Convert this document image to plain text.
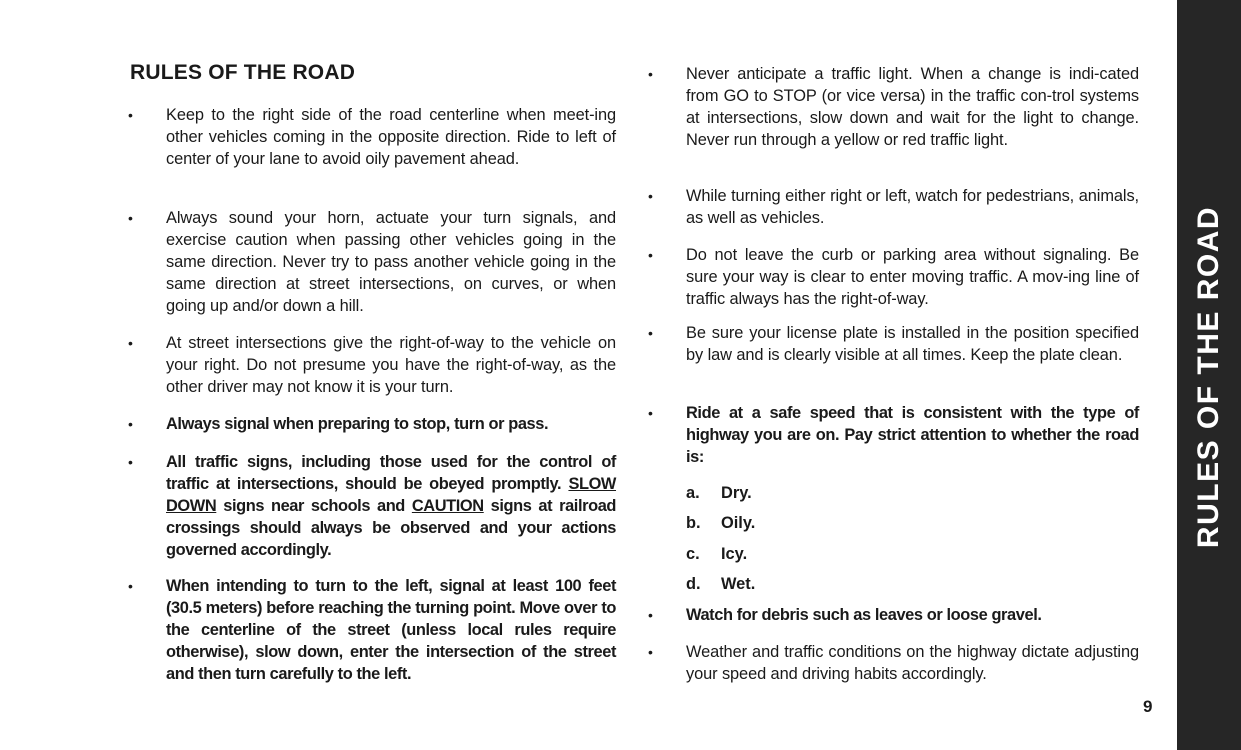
RULES OF THE ROAD
• Keep to the right side of the road centerline when meet-ing other vehicles coming in the opposite direction. Ride to left of center of your lane to avoid oily pavement ahead.
• Always sound your horn, actuate your turn signals, and exercise caution when passing other vehicles going in the same direction. Never try to pass another vehicle going in the same direction at street intersections, on curves, or when going up and/or down a hill.
• At street intersections give the right-of-way to the vehicle on your right. Do not presume you have the right-of-way, as the other driver may not know it is your turn.
• Always signal when preparing to stop, turn or pass.
• All traffic signs, including those used for the control of traffic at intersections, should be obeyed promptly. SLOW DOWN signs near schools and CAUTION signs at railroad crossings should always be observed and your actions governed accordingly.
• When intending to turn to the left, signal at least 100 feet (30.5 meters) before reaching the turning point. Move over to the centerline of the street (unless local rules require otherwise), slow down, enter the intersection of the street and then turn carefully to the left.
• Never anticipate a traffic light. When a change is indi-cated from GO to STOP (or vice versa) in the traffic con-trol systems at intersections, slow down and wait for the light to change. Never run through a yellow or red traffic light.
• While turning either right or left, watch for pedestrians, animals, as well as vehicles.
• Do not leave the curb or parking area without signaling. Be sure your way is clear to enter moving traffic. A mov-ing line of traffic always has the right-of-way.
• Be sure your license plate is installed in the position specified by law and is clearly visible at all times. Keep the plate clean.
• Ride at a safe speed that is consistent with the type of highway you are on. Pay strict attention to whether the road is:
a. Dry.
b. Oily.
c. Icy.
d. Wet.
• Watch for debris such as leaves or loose gravel.
• Weather and traffic conditions on the highway dictate adjusting your speed and driving habits accordingly.
9
RULES OF THE ROAD
